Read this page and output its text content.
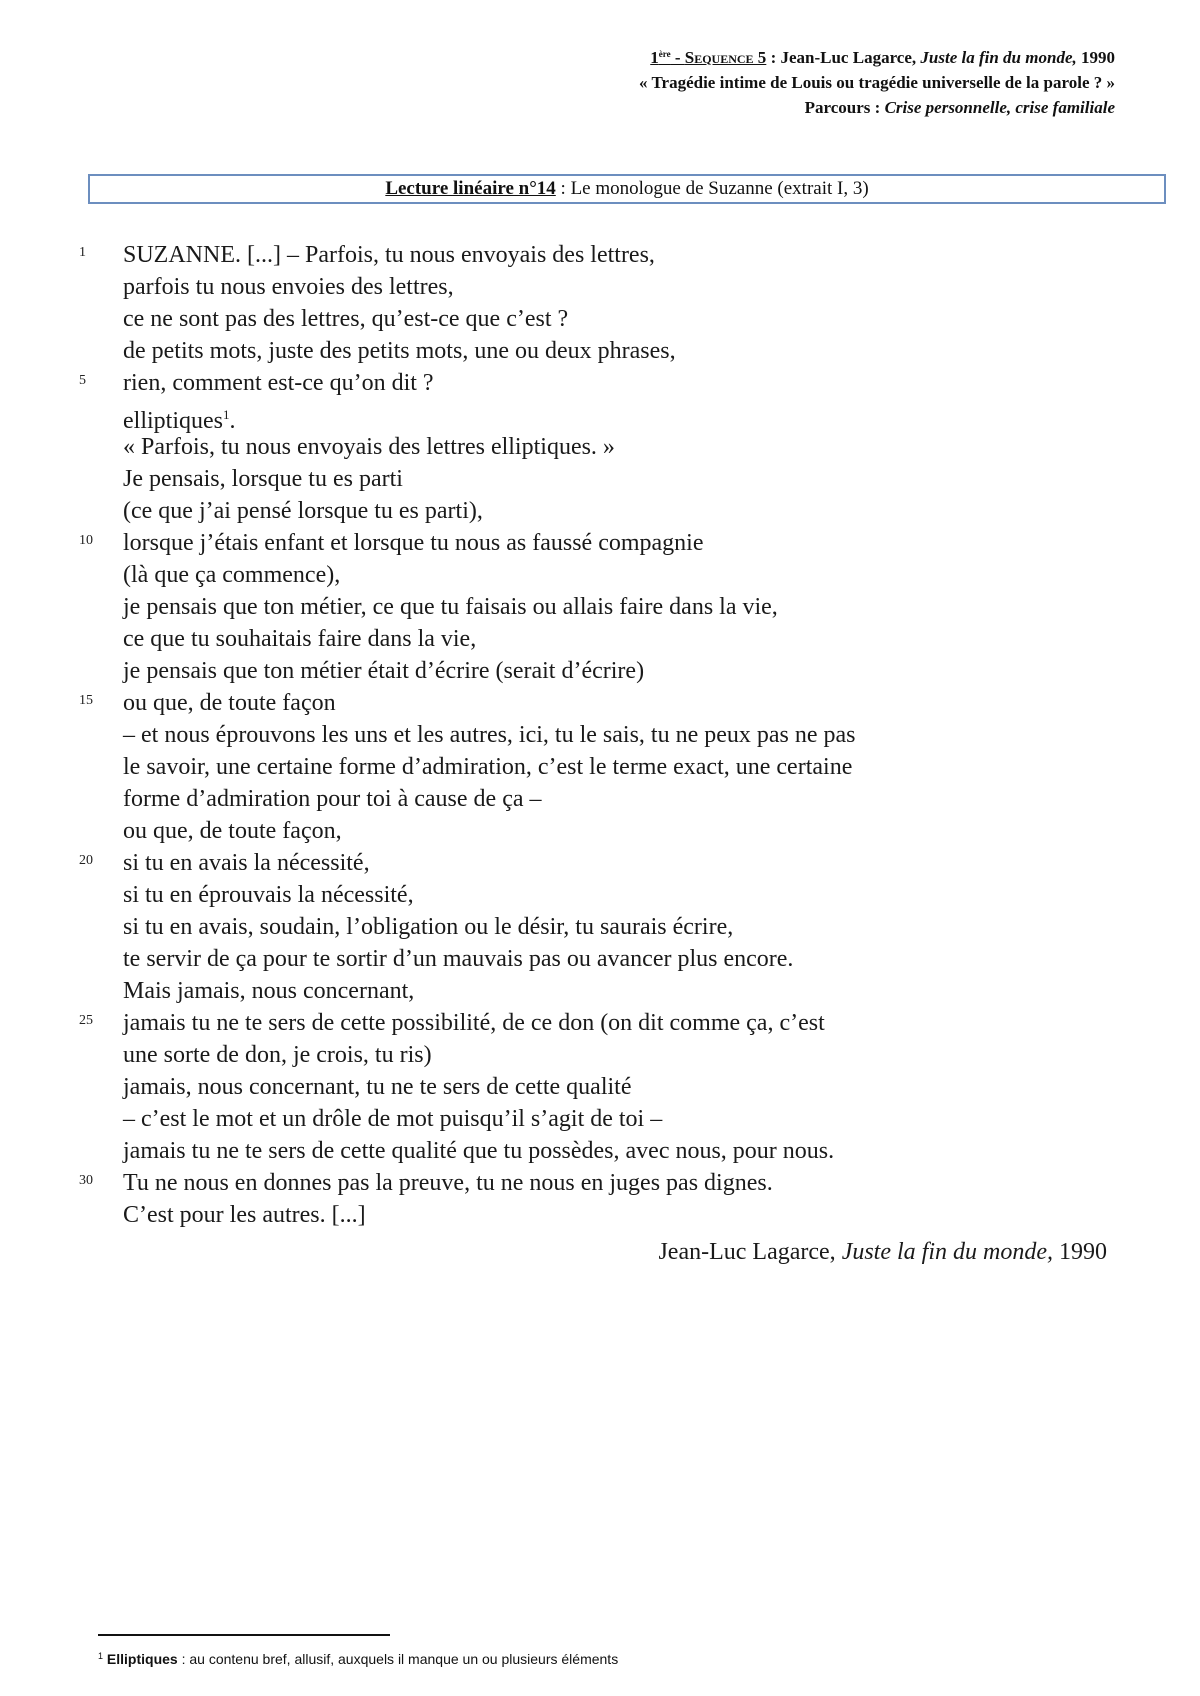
1ère - Sequence 5 : Jean-Luc Lagarce, Juste la fin du monde, 1990
« Tragédie intime de Louis ou tragédie universelle de la parole ? »
Parcours : Crise personnelle, crise familiale
Lecture linéaire n°14 : Le monologue de Suzanne (extrait I, 3)
1 SUZANNE. [...] – Parfois, tu nous envoyais des lettres,
parfois tu nous envoies des lettres,
ce ne sont pas des lettres, qu’est-ce que c’est ?
de petits mots, juste des petits mots, une ou deux phrases,
5 rien, comment est-ce qu’on dit ?
elliptiques$^1$.
« Parfois, tu nous envoyais des lettres elliptiques. »
Je pensais, lorsque tu es parti
(ce que j’ai pensé lorsque tu es parti),
10 lorsque j’étais enfant et lorsque tu nous as faussé compagnie
(là que ça commence),
je pensais que ton métier, ce que tu faisais ou allais faire dans la vie,
ce que tu souhaitais faire dans la vie,
je pensais que ton métier était d’écrire (serait d’écrire)
15 ou que, de toute façon
– et nous éprouvons les uns et les autres, ici, tu le sais, tu ne peux pas ne pas
le savoir, une certaine forme d’admiration, c’est le terme exact, une certaine
forme d’admiration pour toi à cause de ça –
ou que, de toute façon,
20 si tu en avais la nécessité,
si tu en éprouvais la nécessité,
si tu en avais, soudain, l’obligation ou le désir, tu saurais écrire,
te servir de ça pour te sortir d’un mauvais pas ou avancer plus encore.
Mais jamais, nous concernant,
25 jamais tu ne te sers de cette possibilité, de ce don (on dit comme ça, c’est
une sorte de don, je crois, tu ris)
jamais, nous concernant, tu ne te sers de cette qualité
– c’est le mot et un drôle de mot puisqu’il s’agit de toi –
jamais tu ne te sers de cette qualité que tu possèdes, avec nous, pour nous.
30 Tu ne nous en donnes pas la preuve, tu ne nous en juges pas dignes.
C’est pour les autres. [...]
Jean-Luc Lagarce, Juste la fin du monde, 1990
$^1$ Elliptiques : au contenu bref, allusif, auxquels il manque un ou plusieurs éléments
